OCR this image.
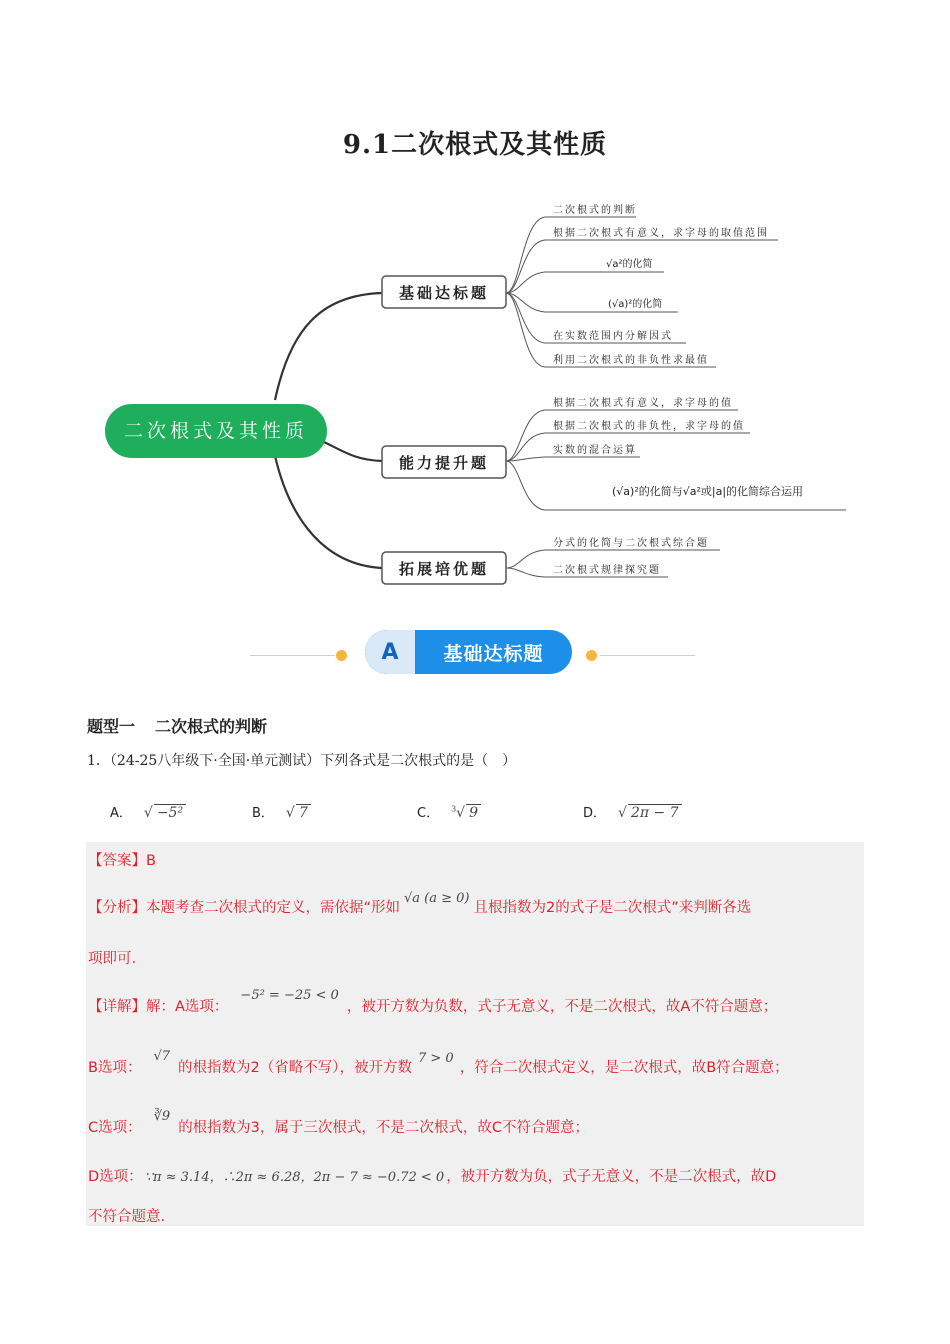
9.1二次根式及其性质
二次根式及其性质
基础达标题
二次根式的判断
根据二次根式有意义，求字母的取值范围
√a²的化简
(√a)²的化简
在实数范围内分解因式
利用二次根式的非负性求最值
能力提升题
根据二次根式有意义，求字母的值
根据二次根式的非负性，求字母的值
实数的混合运算
(√a)²的化简与√a²或|a|的化简综合运用
拓展培优题
分式的化简与二次根式综合题
二次根式规律探究题
A	基础达标题
题型一 二次根式的判断
1．（24-25八年级下·全国·单元测试）下列各式是二次根式的是（　）
A． √ −5²	B． √ 7	C． $^3$√ 9	D． √ 2π − 7
【答案】B
【分析】本题考查二次根式的定义，需依据“形如√a (a ≥ 0)且根指数为2的式子是二次根式”来判断各选
项即可.
【详解】解：A选项：−5² = −25 < 0，被开方数为负数，式子无意义，不是二次根式，故A不符合题意；
B选项：√7的根指数为2（省略不写），被开方数7 > 0，符合二次根式定义，是二次根式，故B符合题意；
C选项：∛9的根指数为3，属于三次根式，不是二次根式，故C不符合题意；
D选项： ∵π ≈ 3.14，∴2π ≈ 6.28，2π − 7 ≈ −0.72 < 0 ，被开方数为负，式子无意义，不是二次根式，故D
不符合题意.
